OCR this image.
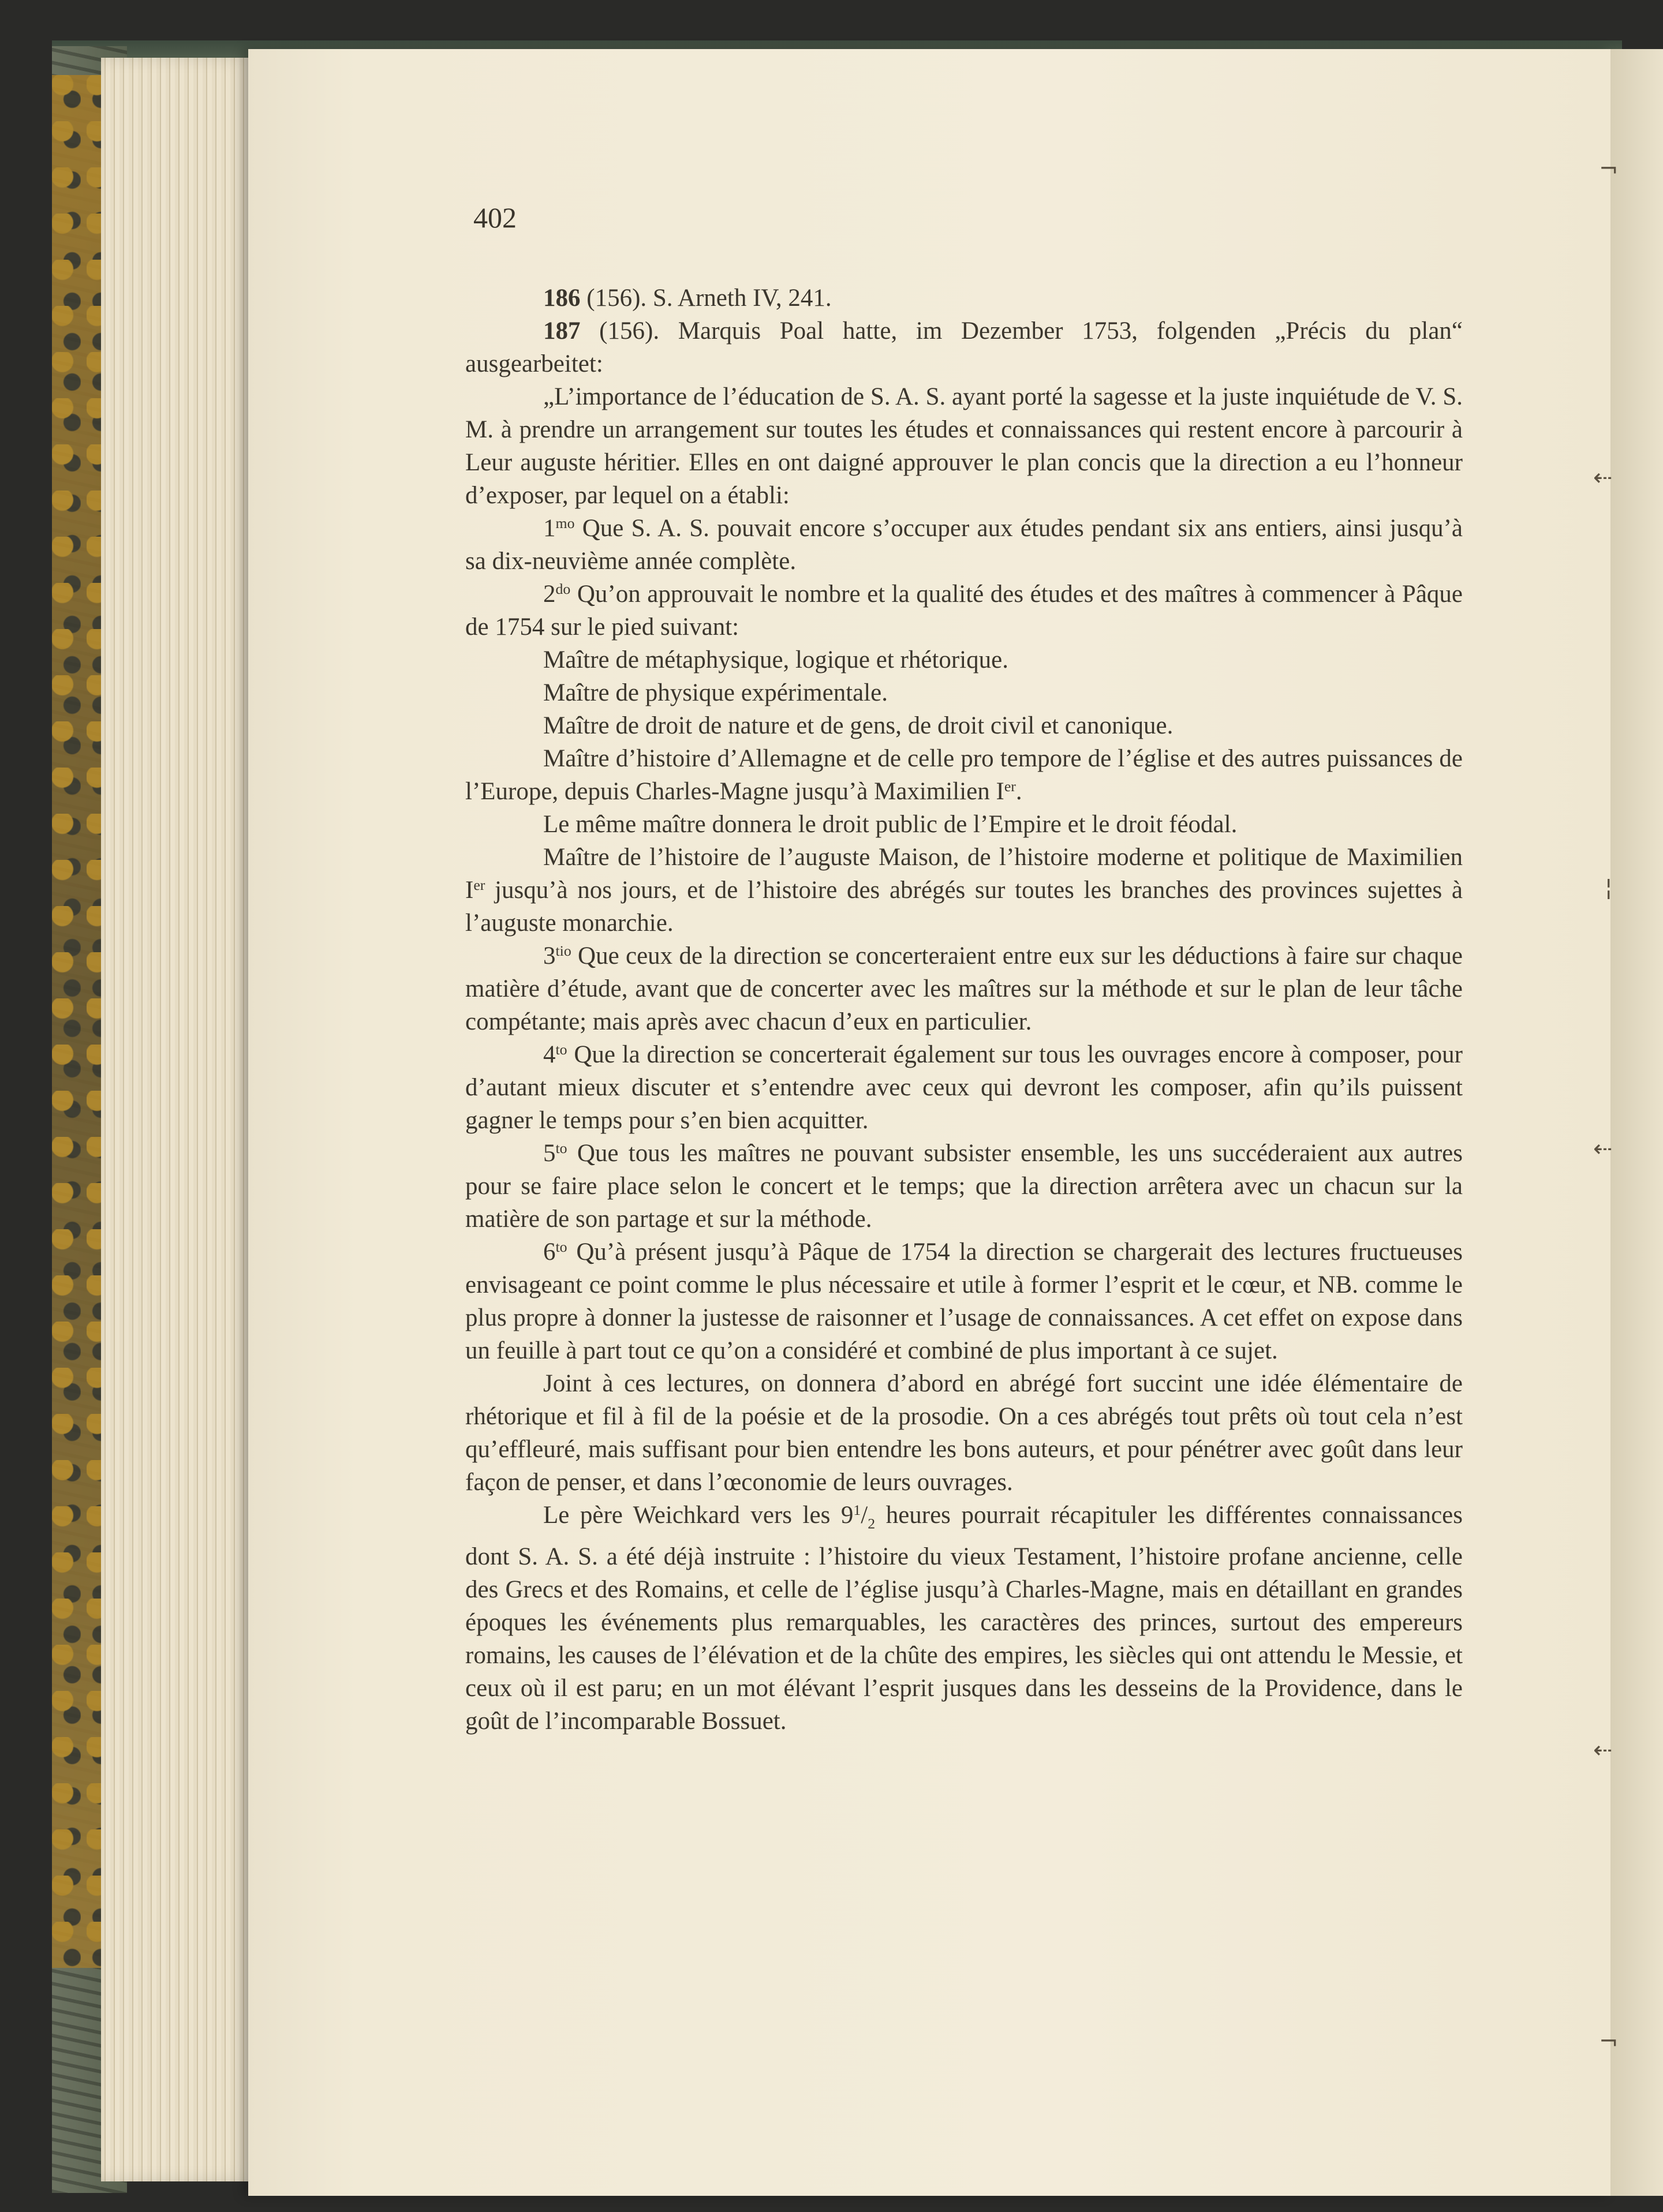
402

186 (156). S. Arneth IV, 241.

187 (156). Marquis Poal hatte, im Dezember 1753, folgenden „Précis du plan“ ausgearbeitet:

„L’importance de l’éducation de S. A. S. ayant porté la sagesse et la juste inquiétude de V. S. M. à prendre un arrangement sur toutes les études et connaissances qui restent encore à parcourir à Leur auguste héritier. Elles en ont daigné approuver le plan concis que la direction a eu l’honneur d’exposer, par lequel on a établi:

$1^{mo}$ Que S. A. S. pouvait encore s’occuper aux études pendant six ans entiers, ainsi jusqu’à sa dix-neuvième année complète.

$2^{do}$ Qu’on approuvait le nombre et la qualité des études et des maîtres à commencer à Pâque de 1754 sur le pied suivant:

Maître de métaphysique, logique et rhétorique.

Maître de physique expérimentale.

Maître de droit de nature et de gens, de droit civil et canonique.

Maître d’histoire d’Allemagne et de celle pro tempore de l’église et des autres puissances de l’Europe, depuis Charles-Magne jusqu’à Maximilien Ier.

Le même maître donnera le droit public de l’Empire et le droit féodal.

Maître de l’histoire de l’auguste Maison, de l’histoire moderne et politique de Maximilien Ier jusqu’à nos jours, et de l’histoire des abrégés sur toutes les branches des provinces sujettes à l’auguste monarchie.

$3^{tio}$ Que ceux de la direction se concerteraient entre eux sur les déductions à faire sur chaque matière d’étude, avant que de concerter avec les maîtres sur la méthode et sur le plan de leur tâche compétante; mais après avec chacun d’eux en particulier.

$4^{to}$ Que la direction se concerterait également sur tous les ouvrages encore à composer, pour d’autant mieux discuter et s’entendre avec ceux qui devront les composer, afin qu’ils puissent gagner le temps pour s’en bien acquitter.

$5^{to}$ Que tous les maîtres ne pouvant subsister ensemble, les uns succéderaient aux autres pour se faire place selon le concert et le temps; que la direction arrêtera avec un chacun sur la matière de son partage et sur la méthode.

$6^{to}$ Qu’à présent jusqu’à Pâque de 1754 la direction se chargerait des lectures fructueuses envisageant ce point comme le plus nécessaire et utile à former l’esprit et le cœur, et NB. comme le plus propre à donner la justesse de raisonner et l’usage de connaissances. A cet effet on expose dans un feuille à part tout ce qu’on a considéré et combiné de plus important à ce sujet.

Joint à ces lectures, on donnera d’abord en abrégé fort succint une idée élémentaire de rhétorique et fil à fil de la poésie et de la prosodie. On a ces abrégés tout prêts où tout cela n’est qu’effleuré, mais suffisant pour bien entendre les bons auteurs, et pour pénétrer avec goût dans leur façon de penser, et dans l’œconomie de leurs ouvrages.

Le père Weichkard vers les $9^1/_2$ heures pourrait récapituler les différentes connaissances dont S. A. S. a été déjà instruite : l’histoire du vieux Testament, l’histoire profane ancienne, celle des Grecs et des Romains, et celle de l’église jusqu’à Charles-Magne, mais en détaillant en grandes époques les événements plus remarquables, les caractères des princes, surtout des empereurs romains, les causes de l’élévation et de la chûte des empires, les siècles qui ont attendu le Messie, et ceux où il est paru; en un mot élévant l’esprit jusques dans les desseins de la Providence, dans le goût de l’incomparable Bossuet.

¬
⇠
¦
⇠
⇠
¬
